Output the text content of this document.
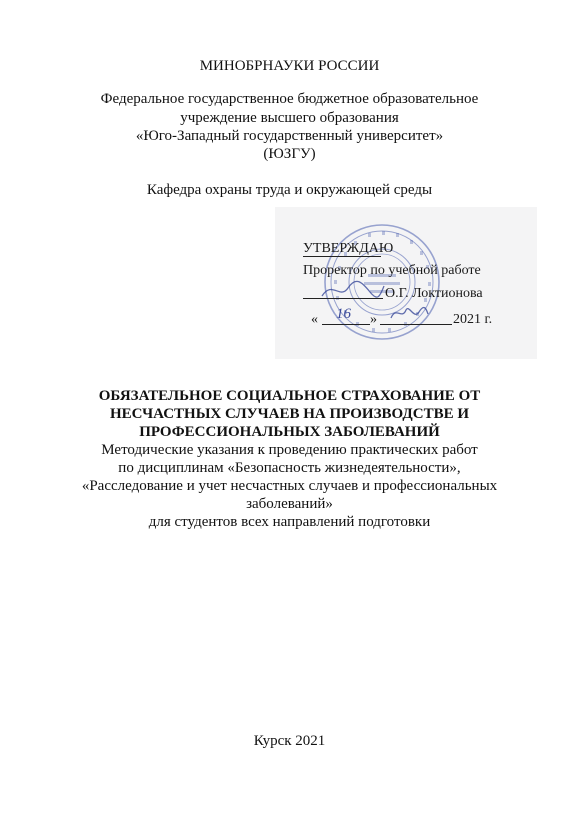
МИНОБРНАУКИ РОССИИ
Федеральное государственное бюджетное образовательное
учреждение высшего образования
«Юго-Западный государственный университет»
(ЮЗГУ)
Кафедра охраны труда и окружающей среды
УТВЕРЖДАЮ
Проректор по учебной работе
О.Г. Локтионова
« 16 »	2021 г.
ОБЯЗАТЕЛЬНОЕ СОЦИАЛЬНОЕ СТРАХОВАНИЕ ОТ
НЕСЧАСТНЫХ СЛУЧАЕВ НА ПРОИЗВОДСТВЕ И
ПРОФЕССИОНАЛЬНЫХ ЗАБОЛЕВАНИЙ
Методические указания к проведению практических работ
по дисциплинам «Безопасность жизнедеятельности»,
«Расследование и учет несчастных случаев и профессиональных
заболеваний»
для студентов всех направлений подготовки
Курск 2021
